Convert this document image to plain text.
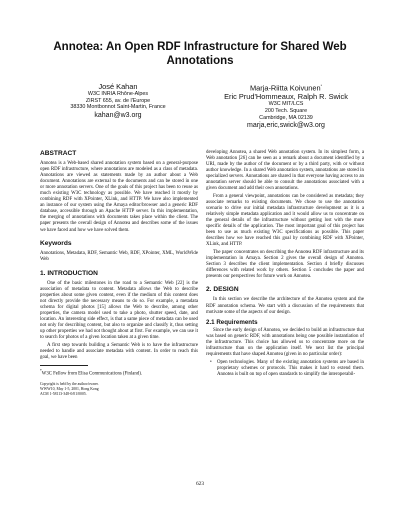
Annotea: An Open RDF Infrastructure for Shared Web Annotations
José Kahan
W3C INRIA Rhône-Alpes
ZIRST 655, av. de l'Europe
38330 Montbonnot Saint-Martin, France
kahan@w3.org
Marja-Riitta Koivunen*
Eric Prud'Hommeaux, Ralph R. Swick
W3C MIT/LCS
200 Tech. Square
Cambridge, MA 02139
marja,eric,swick@w3.org
ABSTRACT

Annotea is a Web-based shared annotation system based on a general-purpose open RDF infrastructure, where annotations are modeled as a class of metadata. Annotations are viewed as statements made by an author about a Web document. Annotations are external to the documents and can be stored in one or more annotation servers. One of the goals of this project has been to reuse as much existing W3C technology as possible. We have reached it mostly by combining RDF with XPointer, XLink, and HTTP. We have also implemented an instance of our system using the Amaya editor/browser and a generic RDF database, accessible through an Apache HTTP server. In this implementation, the merging of annotations with documents takes place within the client. The paper presents the overall design of Annotea and describes some of the issues we have faced and how we have solved them.

Keywords

Annotations, Metadata, RDF, Semantic Web, RDF, XPointer, XML, WorldWide Web

1. INTRODUCTION

One of the basic milestones in the road to a Semantic Web [22] is the association of metadata to content. Metadata allows the Web to describe properties about some given content, even if the medium of this content does not directly provide the necessary means to do so. For example, a metadata schema for digital photos [15] allows the Web to describe, among other properties, the camera model used to take a photo, shutter speed, date, and location. An interesting side effect, is that a same piece of metadata can be used not only for describing content, but also to organize and classify it, thus setting up other properties we had not thought about at first. For example, we can use it to search for photos of a given location taken at a given time.

A first step towards building a Semantic Web is to have the infrastructure needed to handle and associate metadata with content. In order to reach this goal, we have been

*W3C Fellow from Elisa Communications (Finland).

Copyright is held by the author/owner.
WWW10, May 1-5, 2001, Hong Kong
ACM 1-58113-348-0/01/0005.

developing Annotea, a shared Web annotation system. In its simplest form, a Web annotation [26] can be seen as a remark about a document identified by a URI, made by the author of the document or by a third party, with or without author knowledge. In a shared Web annotation system, annotations are stored in specialized servers. Annotations are shared in that everyone having access to an annotation server should be able to consult the annotations associated with a given document and add their own annotations.

From a general viewpoint, annotations can be considered as metadata; they associate remarks to existing documents. We chose to use the annotation scenario to drive our initial metadata infrastructure development as it is a relatively simple metadata application and it would allow us to concentrate on the general details of the infrastructure without getting lost with the more specific details of the application. The most important goal of this project has been to use as much existing W3C specifications as possible. This paper describes how we have reached this goal by combining RDF with XPointer, XLink, and HTTP.

The paper concentrates on describing the Annotea RDF infrastructure and its implementation in Amaya. Section 2 gives the overall design of Annotea. Section 3 describes the client implementation. Section 4 briefly discusses differences with related work by others. Section 5 concludes the paper and presents our perspectives for future work on Annotea.

2. DESIGN

In this section we describe the architecture of the Annotea system and the RDF annotation schema. We start with a discussion of the requirements that motivate some of the aspects of our design.

2.1 Requirements

Since the early design of Annotea, we decided to build an infrastructure that was based on generic RDF, with annotations being one possible instantiation of the infrastructure. This choice has allowed us to concentrate more on the infrastructure than on the application itself. We next list the principal requirements that have shaped Annotea (given in no particular order):

•	Open technologies. Many of the existing annotation systems are based in proprietary schemes or protocols. This makes it hard to extend them. Annotea is built on top of open standards to simplify the interoperabil-
623
